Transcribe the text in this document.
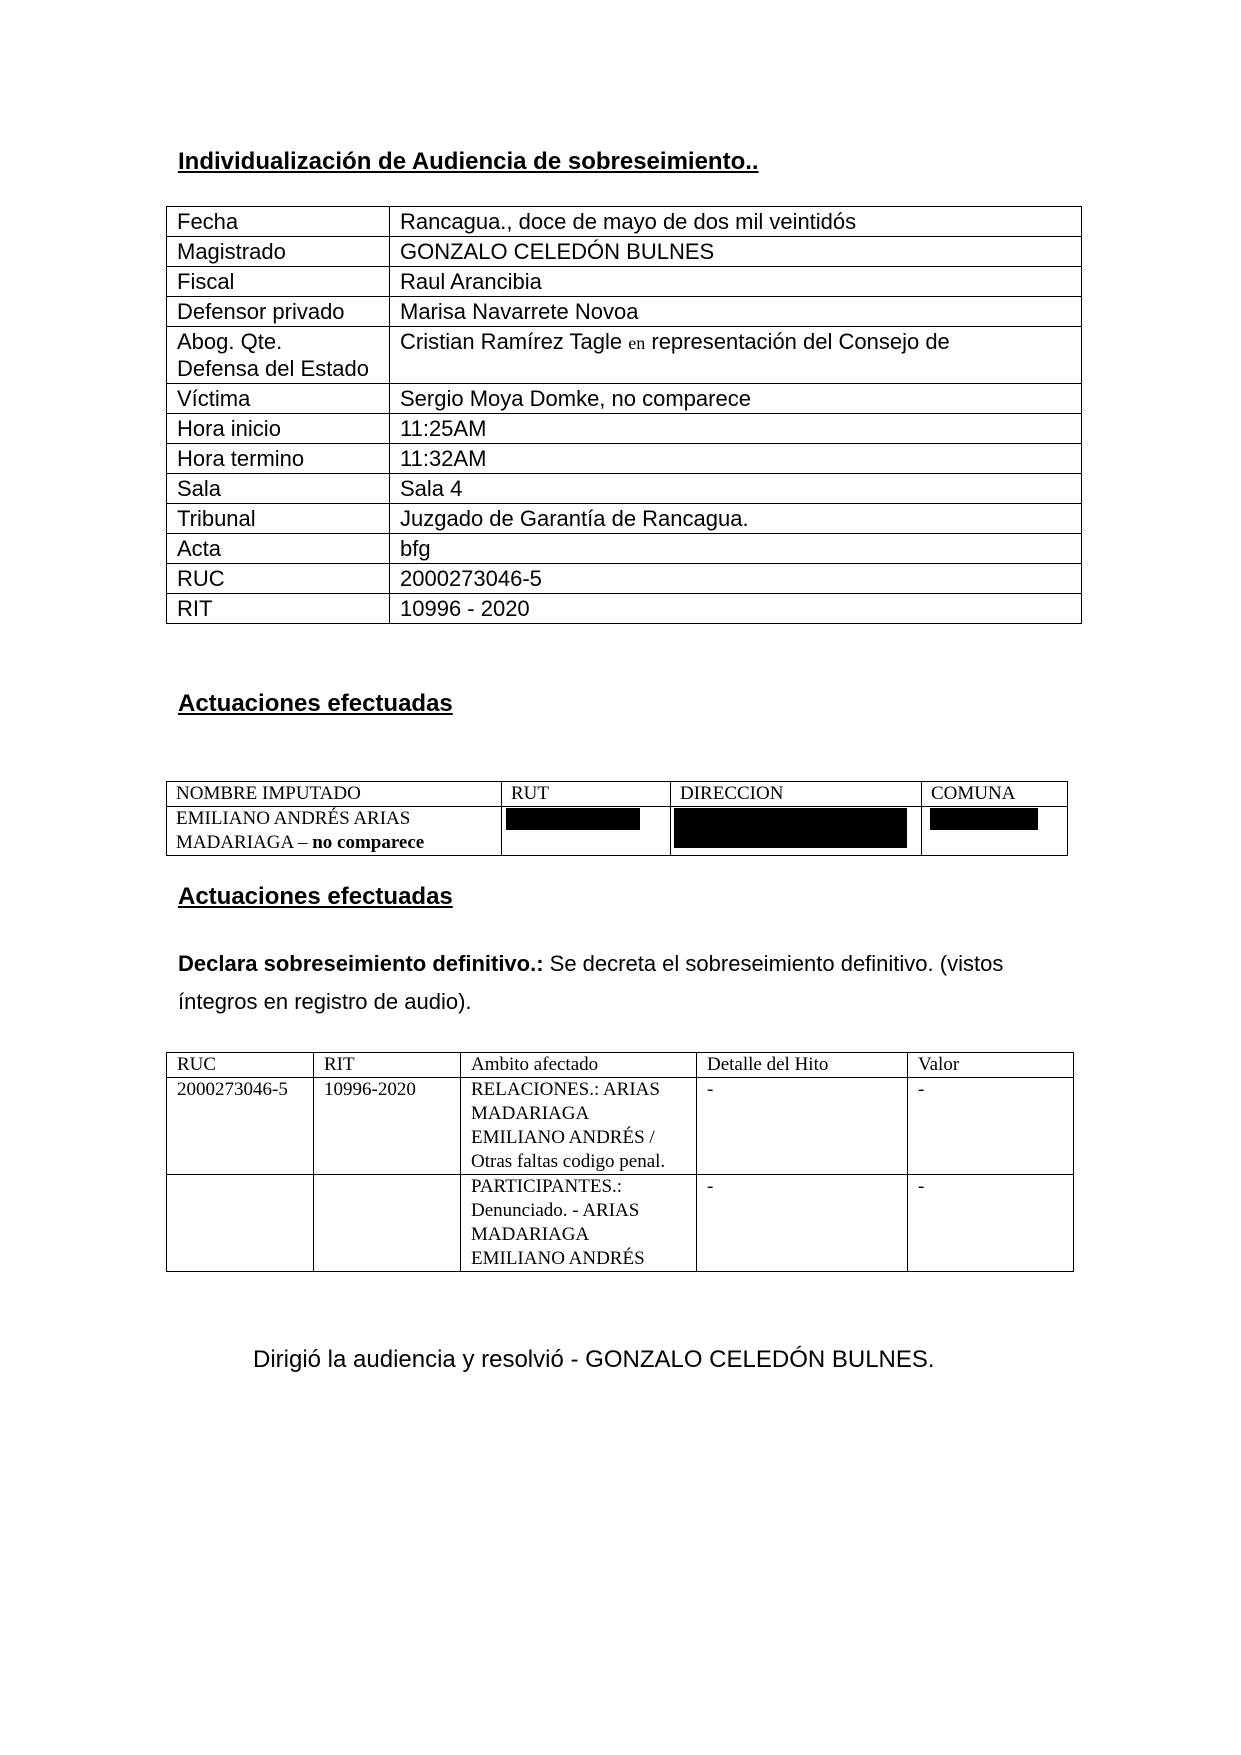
Individualización de Audiencia de sobreseimiento..
Fecha	Rancagua., doce de mayo de dos mil veintidós
Magistrado	GONZALO CELEDÓN BULNES
Fiscal	Raul Arancibia
Defensor privado	Marisa Navarrete Novoa

Abog. Qte.
Defensa del Estado	Cristian Ramírez Tagle en representación del Consejo de
Víctima	Sergio Moya Domke, no comparece
Hora inicio	11:25AM
Hora termino	11:32AM
Sala	Sala 4
Tribunal	Juzgado de Garantía de Rancagua.
Acta	bfg
RUC	2000273046-5
RIT	10996 - 2020
Actuaciones efectuadas
NOMBRE IMPUTADO	RUT	DIRECCION	COMUNA

EMILIANO ANDRÉS ARIAS
MADARIAGA – no comparece			

Actuaciones efectuadas
Declara sobreseimiento definitivo.: Se decreta el sobreseimiento definitivo. (vistos íntegros en registro de audio).
RUC	RIT	Ambito afectado	Detalle del Hito	Valor
2000273046-5	10996-2020	RELACIONES.: ARIAS MADARIAGA EMILIANO ANDRÉS / Otras faltas codigo penal.	-	-
		PARTICIPANTES.: Denunciado. - ARIAS MADARIAGA EMILIANO ANDRÉS	-	-
Dirigió la audiencia y resolvió - GONZALO CELEDÓN BULNES.
